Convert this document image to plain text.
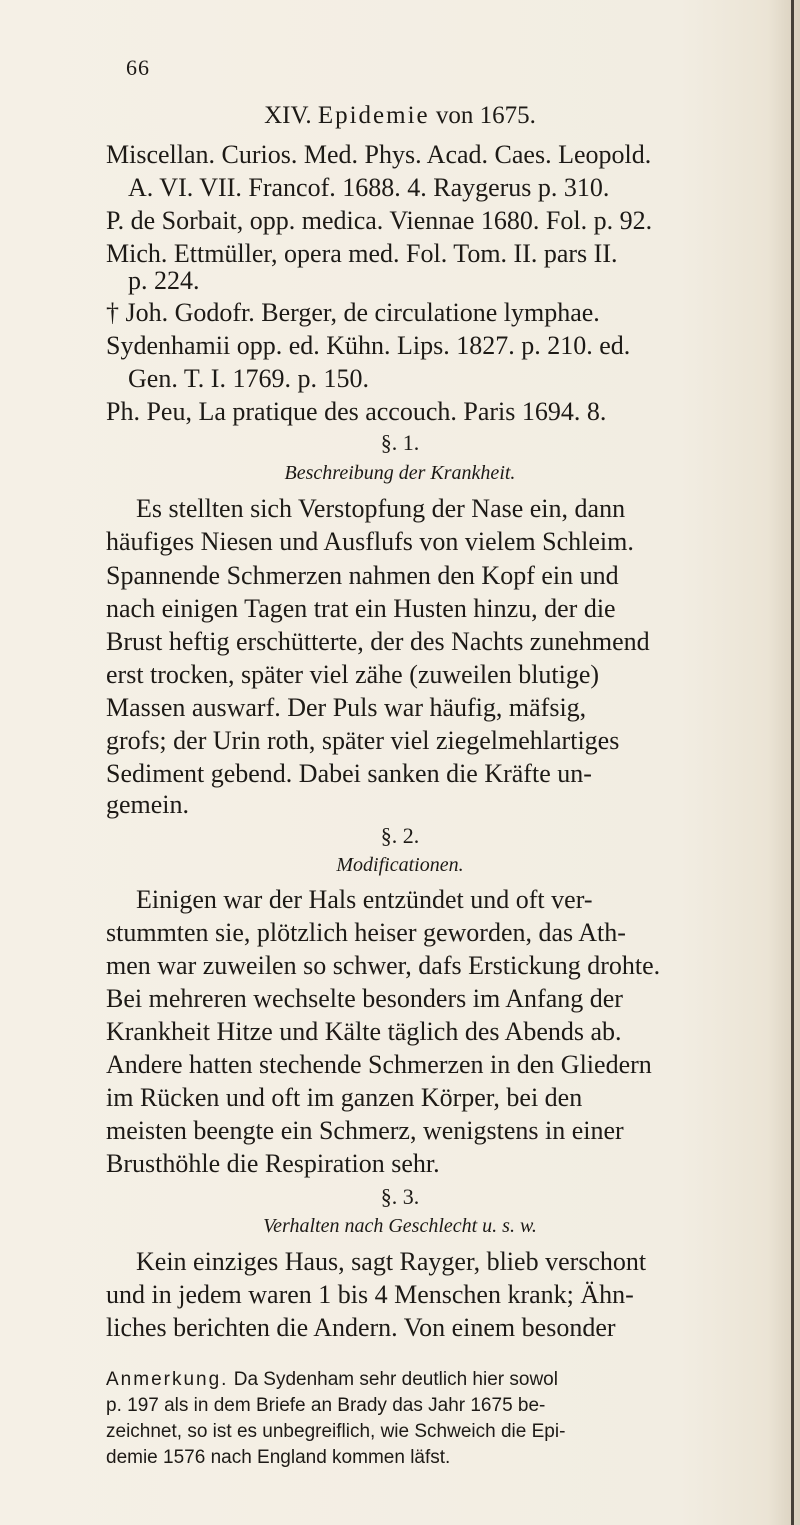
66
XIV. Epidemie von 1675.
Miscellan. Curios. Med. Phys. Acad. Caes. Leopold.
A. VI. VII. Francof. 1688. 4. Raygerus p. 310.
P. de Sorbait, opp. medica. Viennae 1680. Fol. p. 92.
Mich. Ettmüller, opera med. Fol. Tom. II. pars II.
p. 224.
† Joh. Godofr. Berger, de circulatione lymphae.
Sydenhamii opp. ed. Kühn. Lips. 1827. p. 210. ed.
Gen. T. I. 1769. p. 150.
Ph. Peu, La pratique des accouch. Paris 1694. 8.
§. 1.
Beschreibung der Krankheit.
Es stellten sich Verstopfung der Nase ein, dann
häufiges Niesen und Ausflufs von vielem Schleim.
Spannende Schmerzen nahmen den Kopf ein und
nach einigen Tagen trat ein Husten hinzu, der die
Brust heftig erschütterte, der des Nachts zunehmend
erst trocken, später viel zähe (zuweilen blutige)
Massen auswarf. Der Puls war häufig, mäfsig,
grofs; der Urin roth, später viel ziegelmehlartiges
Sediment gebend. Dabei sanken die Kräfte un-
gemein.
§. 2.
Modificationen.
Einigen war der Hals entzündet und oft ver-
stummten sie, plötzlich heiser geworden, das Ath-
men war zuweilen so schwer, dafs Erstickung drohte.
Bei mehreren wechselte besonders im Anfang der
Krankheit Hitze und Kälte täglich des Abends ab.
Andere hatten stechende Schmerzen in den Gliedern
im Rücken und oft im ganzen Körper, bei den
meisten beengte ein Schmerz, wenigstens in einer
Brusthöhle die Respiration sehr.
§. 3.
Verhalten nach Geschlecht u. s. w.
Kein einziges Haus, sagt Rayger, blieb verschont
und in jedem waren 1 bis 4 Menschen krank; Ähn-
liches berichten die Andern. Von einem besonder
Anmerkung. Da Sydenham sehr deutlich hier sowol
p. 197 als in dem Briefe an Brady das Jahr 1675 be-
zeichnet, so ist es unbegreiflich, wie Schweich die Epi-
demie 1576 nach England kommen läfst.
